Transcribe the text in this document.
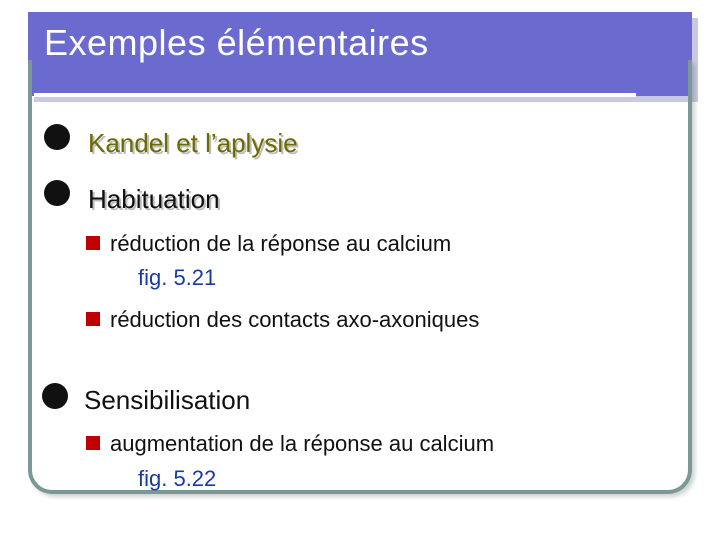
Exemples élémentaires
Kandel et l’aplysie
Habituation
réduction de la réponse au calcium
fig. 5.21
réduction des contacts axo-axoniques
Sensibilisation
augmentation de la réponse au calcium
fig. 5.22
